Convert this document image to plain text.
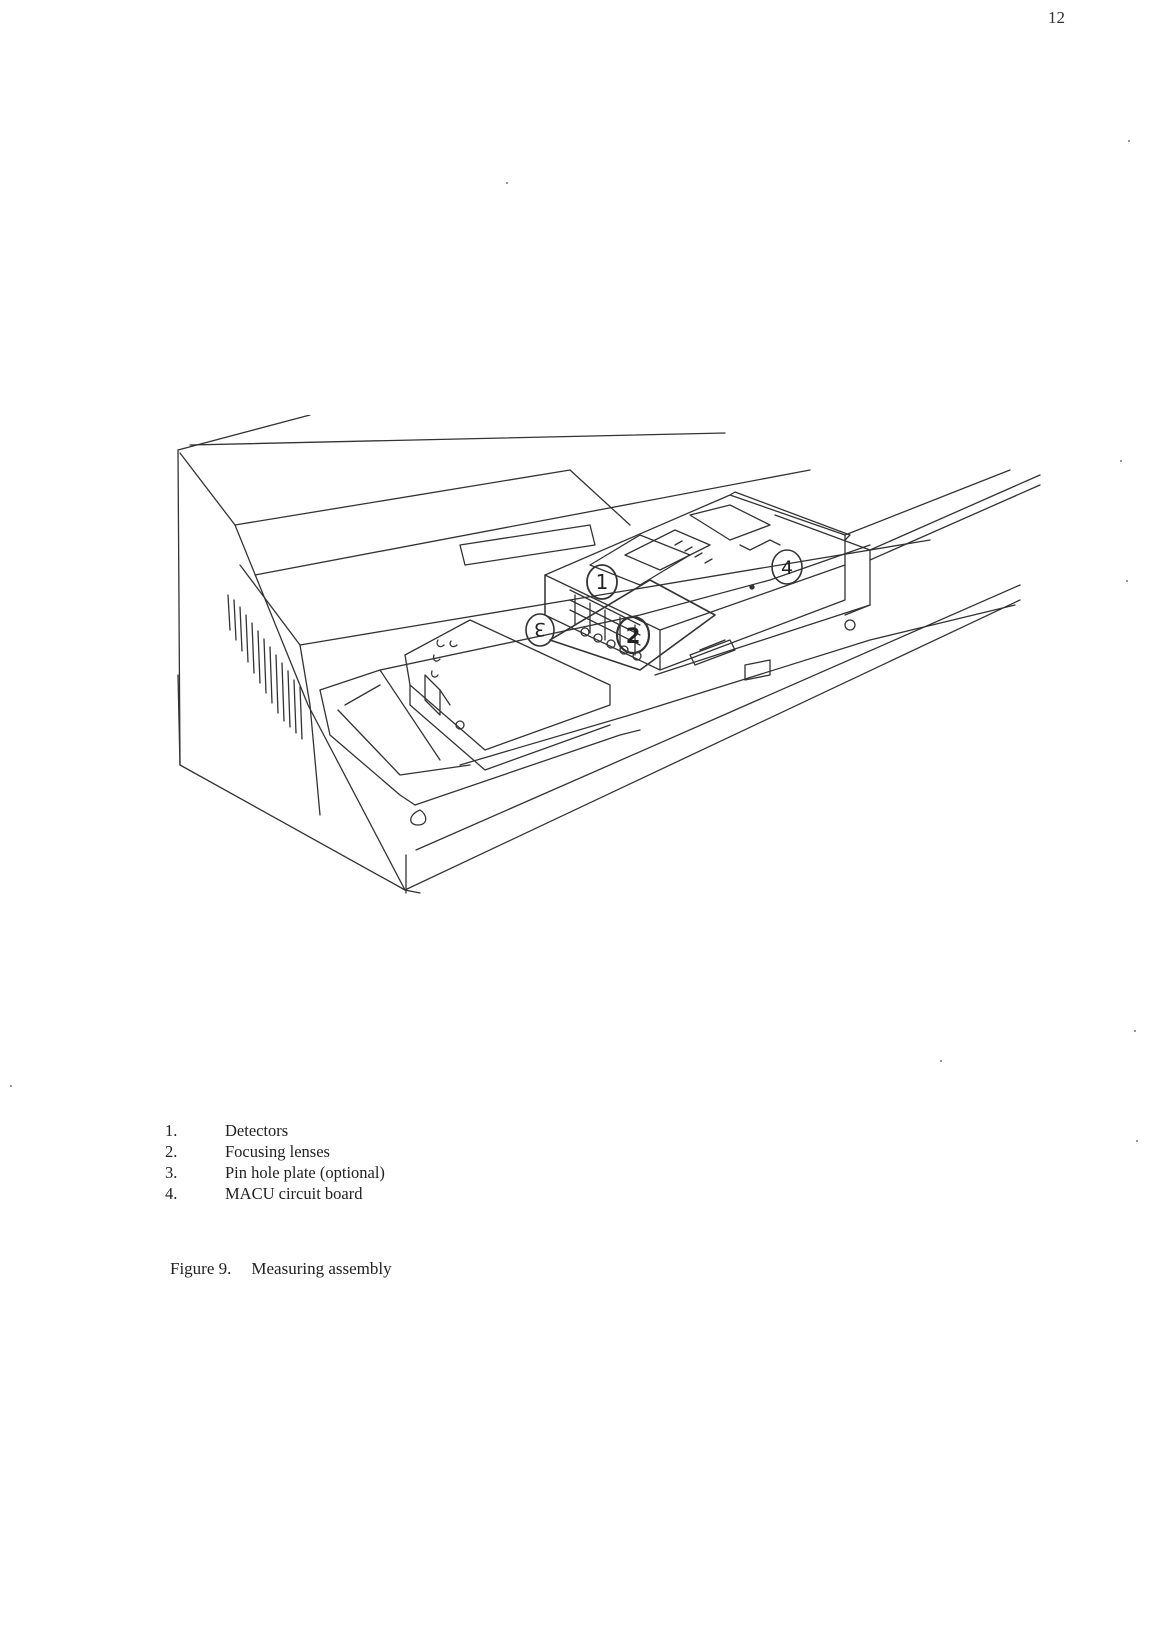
12
1
2
3
4
1.	Detectors
2.	Focusing lenses
3.	Pin hole plate (optional)
4.	MACU circuit board
Figure 9. Measuring assembly
